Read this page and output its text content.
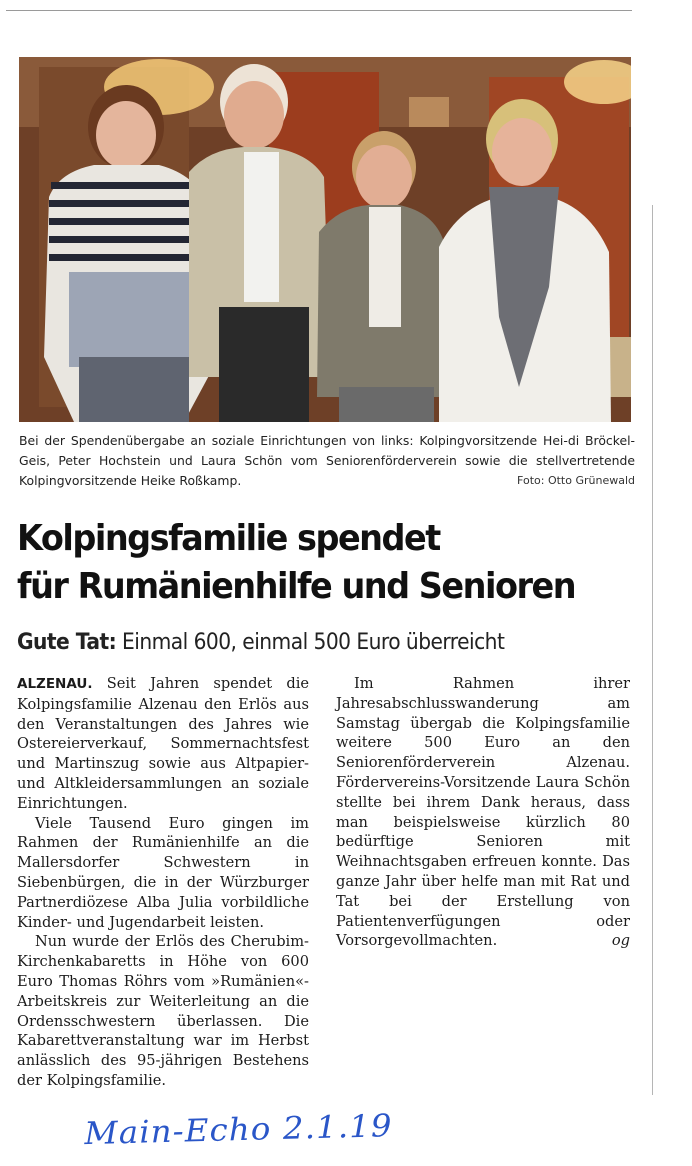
Bei der Spendenübergabe an soziale Einrichtungen von links: Kolpingvorsitzende Hei-di Bröckel-Geis, Peter Hochstein und Laura Schön vom Seniorenförderverein sowie die stellvertretende Kolpingvorsitzende Heike Roßkamp.	Foto: Otto Grünewald

Kolpingsfamilie spendet
für Rumänienhilfe und Senioren
Gute Tat: Einmal 600, einmal 500 Euro überreicht

ALZENAU. Seit Jahren spendet die Kolpingsfamilie Alzenau den Erlös aus den Veranstaltungen des Jahres wie Ostereierverkauf, Sommernachtsfest und Martinszug sowie aus Altpapier- und Altkleidersammlungen an soziale Einrichtungen.

Viele Tausend Euro gingen im Rahmen der Rumänienhilfe an die Mallersdorfer Schwestern in Siebenbürgen, die in der Würzburger Partnerdiözese Alba Julia vorbildliche Kinder- und Jugendarbeit leisten.

Nun wurde der Erlös des Cherubim-Kirchenkabaretts in Höhe von 600 Euro Thomas Röhrs vom »Rumänien«-Arbeitskreis zur Weiterleitung an die Ordensschwestern überlassen. Die Kabarettveranstaltung war im Herbst anlässlich des 95-jährigen Bestehens der Kolpingsfamilie.

Im Rahmen ihrer Jahresabschlusswanderung am Samstag übergab die Kolpingsfamilie weitere 500 Euro an den Seniorenförderverein Alzenau. Fördervereins-Vorsitzende Laura Schön stellte bei ihrem Dank heraus, dass man beispielsweise kürzlich 80 bedürftige Senioren mit Weihnachtsgaben erfreuen konnte. Das ganze Jahr über helfe man mit Rat und Tat bei der Erstellung von Patientenverfügungen oder Vorsorgevollmachten.	og

Main-Echo 2.1.19
